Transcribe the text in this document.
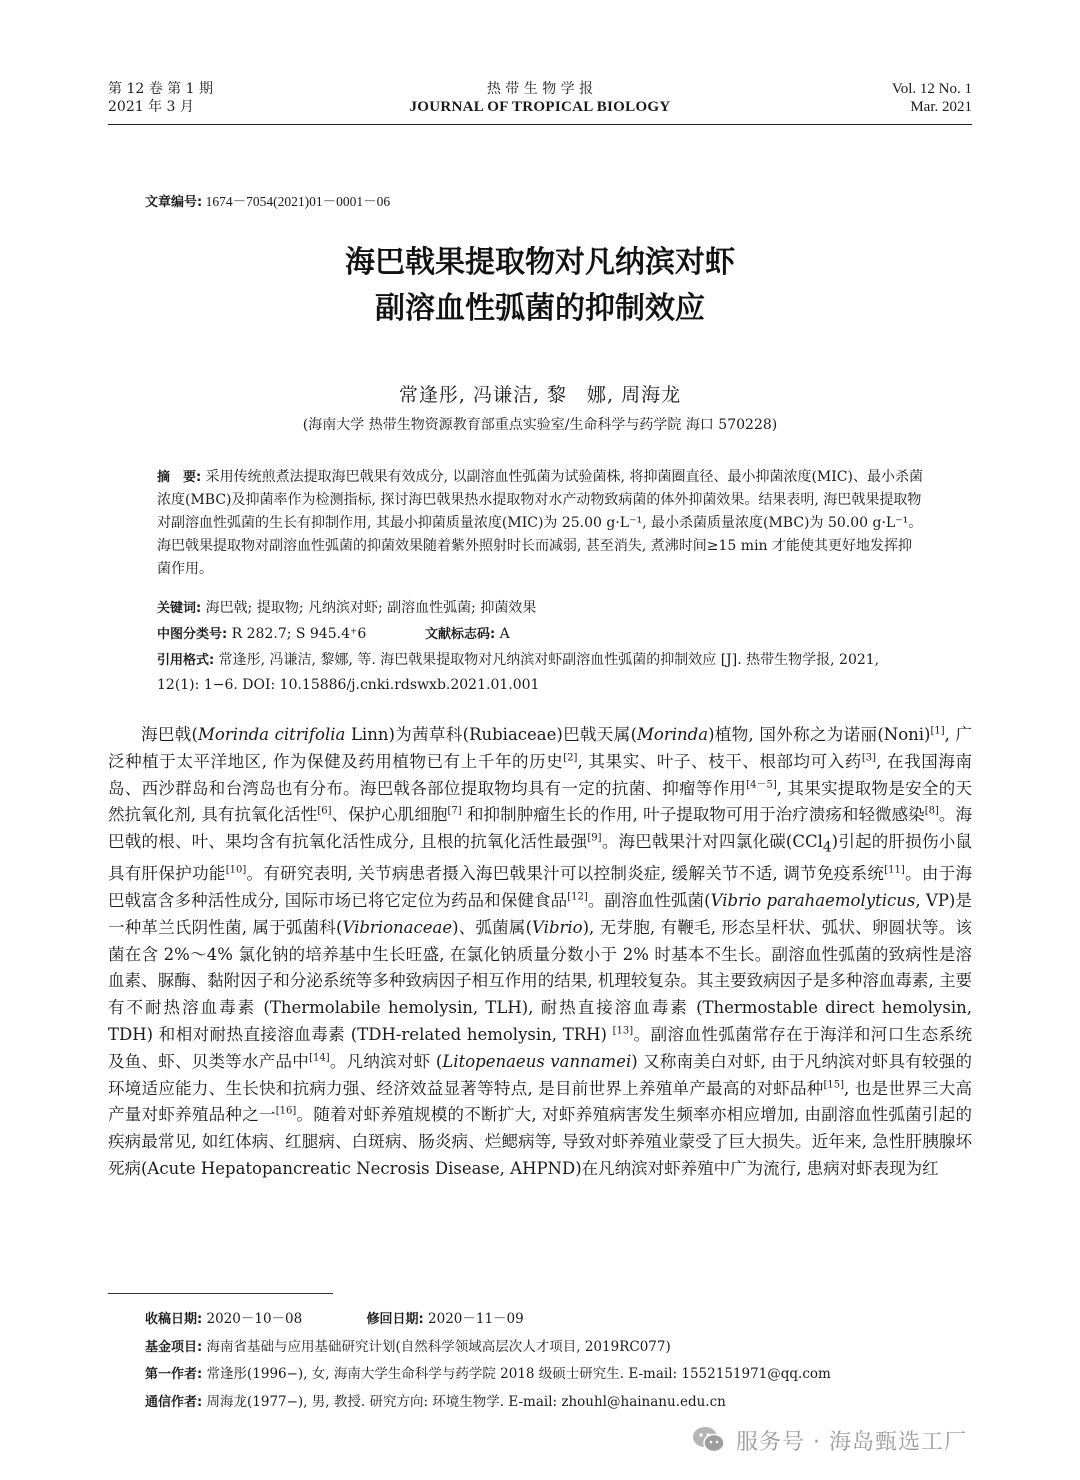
第 12 卷 第 1 期
2021 年 3 月
热 带 生 物 学 报
JOURNAL OF TROPICAL BIOLOGY
Vol. 12 No. 1
Mar. 2021
文章编号: 1674－7054(2021)01－0001－06
海巴戟果提取物对凡纳滨对虾
副溶血性弧菌的抑制效应
常逢彤, 冯谦洁, 黎　娜, 周海龙
(海南大学 热带生物资源教育部重点实验室/生命科学与药学院 海口 570228)

摘　要: 采用传统煎煮法提取海巴戟果有效成分, 以副溶血性弧菌为试验菌株, 将抑菌圈直径、最小抑菌浓度(MIC)、最小杀菌浓度(MBC)及抑菌率作为检测指标, 探讨海巴戟果热水提取物对水产动物致病菌的体外抑菌效果。结果表明, 海巴戟果提取物对副溶血性弧菌的生长有抑制作用, 其最小抑菌质量浓度(MIC)为 25.00 g·L⁻¹, 最小杀菌质量浓度(MBC)为 50.00 g·L⁻¹。海巴戟果提取物对副溶血性弧菌的抑菌效果随着紫外照射时长而减弱, 甚至消失, 煮沸时间≥15 min 才能使其更好地发挥抑菌作用。

关键词: 海巴戟; 提取物; 凡纳滨对虾; 副溶血性弧菌; 抑菌效果
中图分类号: R 282.7; S 945.4⁺6	文献标志码: A
引用格式: 常逢彤, 冯谦洁, 黎娜, 等. 海巴戟果提取物对凡纳滨对虾副溶血性弧菌的抑制效应 [J]. 热带生物学报, 2021, 12(1): 1−6. DOI: 10.15886/j.cnki.rdswxb.2021.01.001

海巴戟(Morinda citrifolia Linn)为茜草科(Rubiaceae)巴戟天属(Morinda)植物, 国外称之为诺丽(Noni)[1], 广泛种植于太平洋地区, 作为保健及药用植物已有上千年的历史[2], 其果实、叶子、枝干、根部均可入药[3], 在我国海南岛、西沙群岛和台湾岛也有分布。海巴戟各部位提取物均具有一定的抗菌、抑瘤等作用[4－5], 其果实提取物是安全的天然抗氧化剂, 具有抗氧化活性[6]、保护心肌细胞[7] 和抑制肿瘤生长的作用, 叶子提取物可用于治疗溃疡和轻微感染[8]。海巴戟的根、叶、果均含有抗氧化活性成分, 且根的抗氧化活性最强[9]。海巴戟果汁对四氯化碳(CCl$_4$)引起的肝损伤小鼠具有肝保护功能[10]。有研究表明, 关节病患者摄入海巴戟果汁可以控制炎症, 缓解关节不适, 调节免疫系统[11]。由于海巴戟富含多种活性成分, 国际市场已将它定位为药品和保健食品[12]。副溶血性弧菌(Vibrio parahaemolyticus, VP)是一种革兰氏阴性菌, 属于弧菌科(Vibrionaceae)、弧菌属(Vibrio), 无芽胞, 有鞭毛, 形态呈杆状、弧状、卵圆状等。该菌在含 2%～4% 氯化钠的培养基中生长旺盛, 在氯化钠质量分数小于 2% 时基本不生长。副溶血性弧菌的致病性是溶血素、脲酶、黏附因子和分泌系统等多种致病因子相互作用的结果, 机理较复杂。其主要致病因子是多种溶血毒素, 主要有不耐热溶血毒素 (Thermolabile hemolysin, TLH), 耐热直接溶血毒素 (Thermostable direct hemolysin, TDH) 和相对耐热直接溶血毒素 (TDH-related hemolysin, TRH) [13]。副溶血性弧菌常存在于海洋和河口生态系统及鱼、虾、贝类等水产品中[14]。凡纳滨对虾 (Litopenaeus vannamei) 又称南美白对虾, 由于凡纳滨对虾具有较强的环境适应能力、生长快和抗病力强、经济效益显著等特点, 是目前世界上养殖单产最高的对虾品种[15], 也是世界三大高产量对虾养殖品种之一[16]。随着对虾养殖规模的不断扩大, 对虾养殖病害发生频率亦相应增加, 由副溶血性弧菌引起的疾病最常见, 如红体病、红腿病、白斑病、肠炎病、烂鳃病等, 导致对虾养殖业蒙受了巨大损失。近年来, 急性肝胰腺坏死病(Acute Hepatopancreatic Necrosis Disease, AHPND)在凡纳滨对虾养殖中广为流行, 患病对虾表现为红

收稿日期: 2020－10－08	修回日期: 2020－11－09
基金项目: 海南省基础与应用基础研究计划(自然科学领域高层次人才项目, 2019RC077)
第一作者: 常逢彤(1996−), 女, 海南大学生命科学与药学院 2018 级硕士研究生. E-mail: 1552151971@qq.com
通信作者: 周海龙(1977−), 男, 教授. 研究方向: 环境生物学. E-mail: zhouhl@hainanu.edu.cn
服务号 · 海岛甄选工厂
